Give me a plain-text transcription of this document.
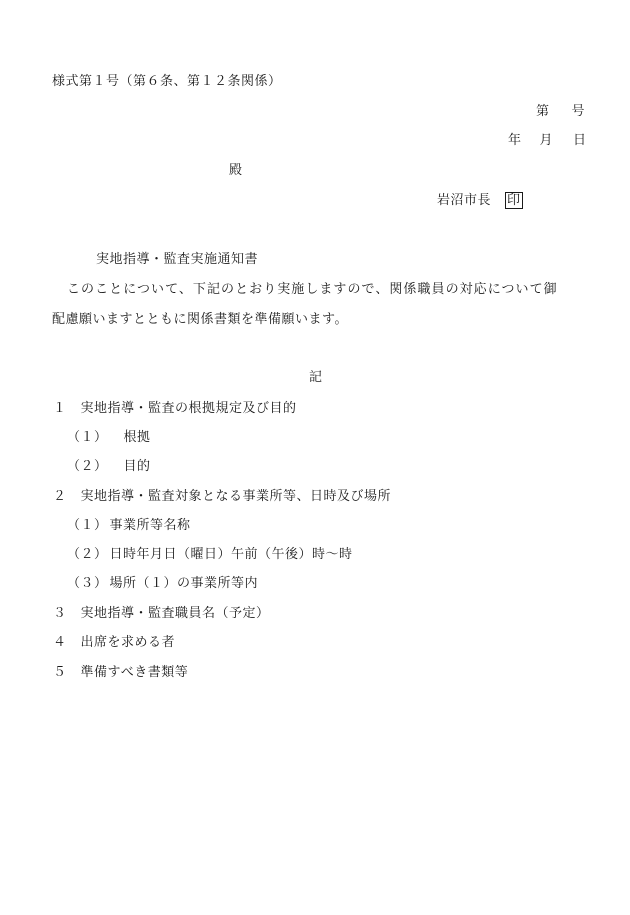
様式第１号（第６条、第１２条関係）
第 号
年 月 日
殿
岩沼市長 印
実地指導・監査実施通知書
このことについて、下記のとおり実施しますので、関係職員の対応について御
配慮願いますとともに関係書類を準備願います。
記
１ 実地指導・監査の根拠規定及び目的
（１） 根拠
（２） 目的
２ 実地指導・監査対象となる事業所等、日時及び場所
（１） 事業所等名称
（２） 日時年月日（曜日）午前（午後）時～時
（３） 場所（１）の事業所等内
３ 実地指導・監査職員名（予定）
４ 出席を求める者
５ 準備すべき書類等
